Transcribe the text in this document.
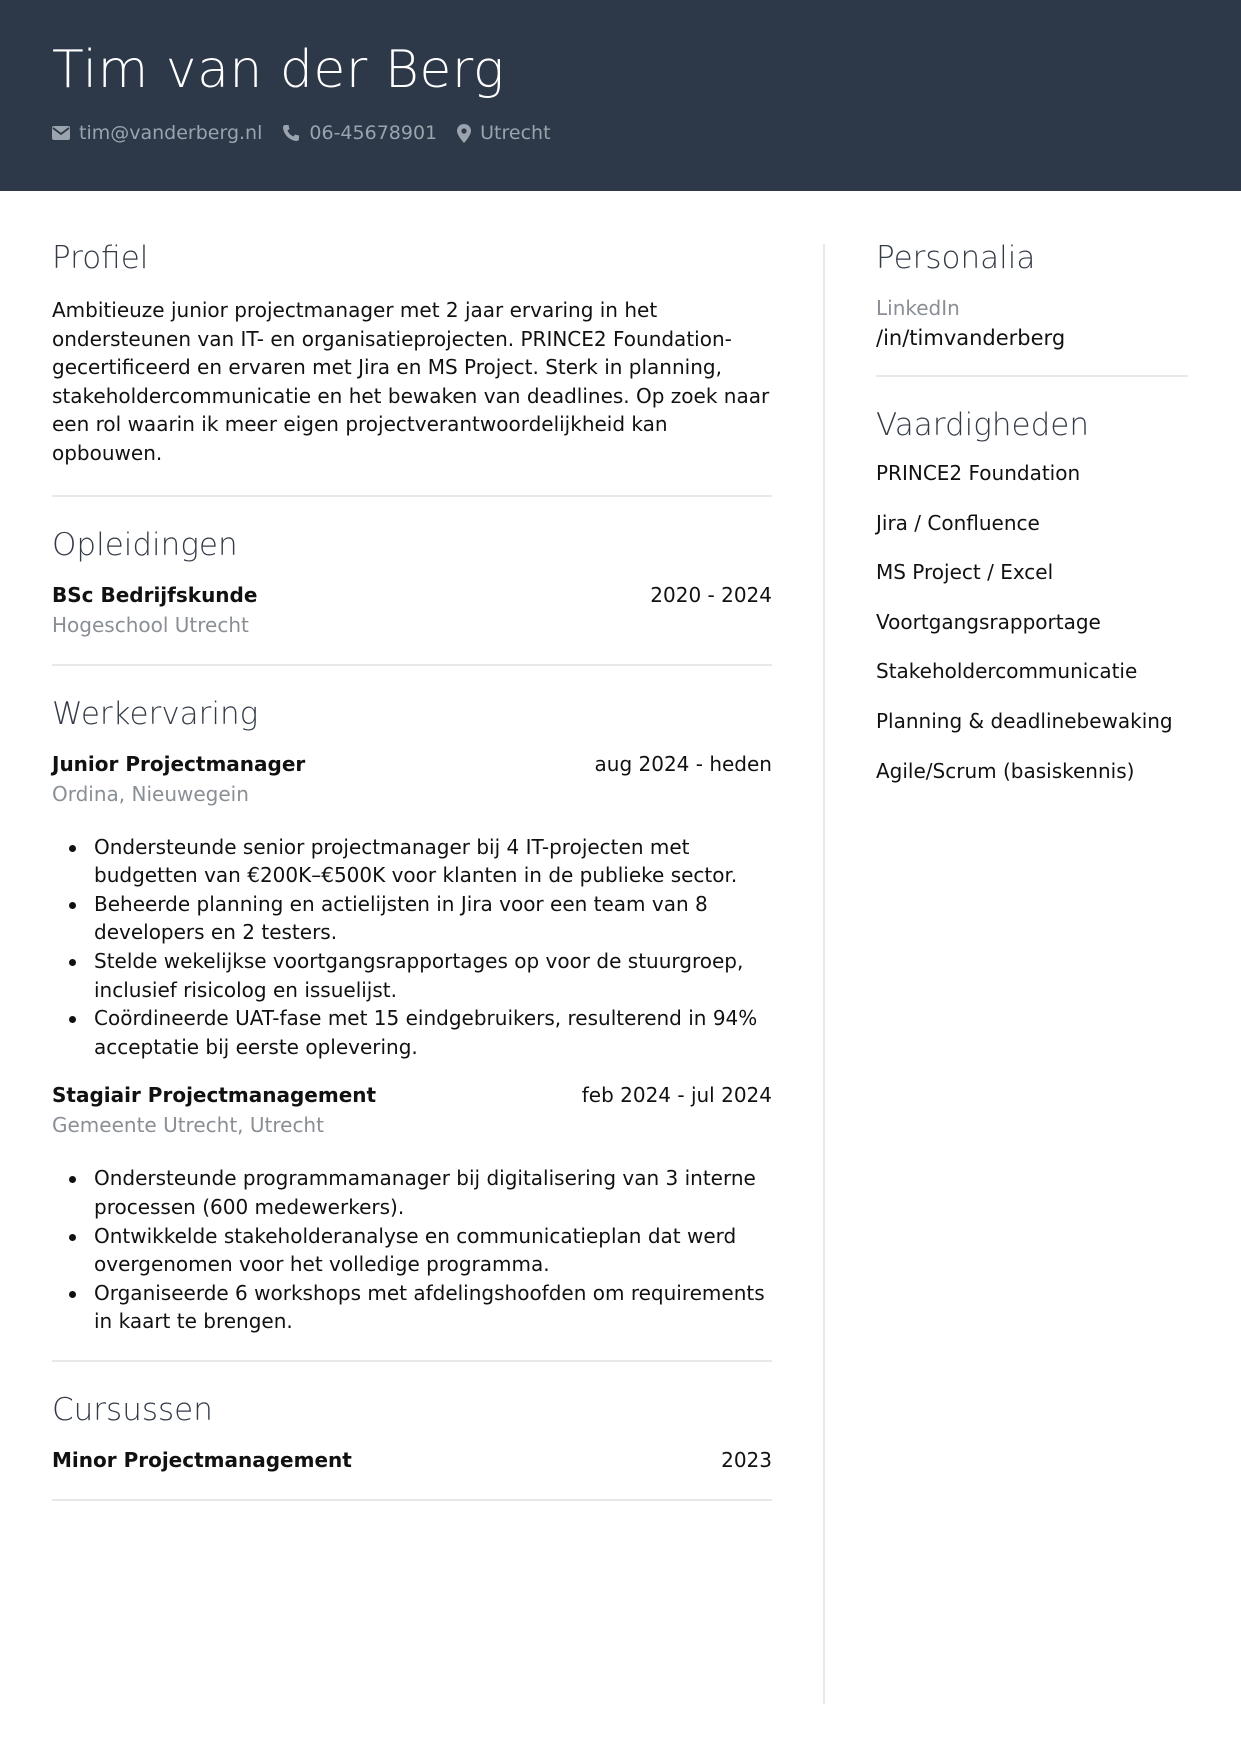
Tim van der Berg
tim@vanderberg.nl 06-45678901 Utrecht
Profiel

Ambitieuze junior projectmanager met 2 jaar ervaring in het ondersteunen van IT- en organisatieprojecten. PRINCE2 Foundation-gecertificeerd en ervaren met Jira en MS Project. Sterk in planning, stakeholdercommunicatie en het bewaken van deadlines. Op zoek naar een rol waarin ik meer eigen projectverantwoordelijkheid kan opbouwen.

Opleidingen
BSc Bedrijfskunde	2020 - 2024
Hogeschool Utrecht
Werkervaring
Junior Projectmanager	aug 2024 - heden
Ordina, Nieuwegein
Ondersteunde senior projectmanager bij 4 IT-projecten met budgetten van €200K–€500K voor klanten in de publieke sector.
Beheerde planning en actielijsten in Jira voor een team van 8 developers en 2 testers.
Stelde wekelijkse voortgangsrapportages op voor de stuurgroep, inclusief risicolog en issuelijst.
Coördineerde UAT-fase met 15 eindgebruikers, resulterend in 94% acceptatie bij eerste oplevering.
Stagiair Projectmanagement	feb 2024 - jul 2024
Gemeente Utrecht, Utrecht
Ondersteunde programmamanager bij digitalisering van 3 interne processen (600 medewerkers).
Ontwikkelde stakeholderanalyse en communicatieplan dat werd overgenomen voor het volledige programma.
Organiseerde 6 workshops met afdelingshoofden om requirements in kaart te brengen.
Cursussen
Minor Projectmanagement	2023
Personalia
LinkedIn
/in/timvanderberg
Vaardigheden
PRINCE2 Foundation
Jira / Confluence
MS Project / Excel
Voortgangsrapportage
Stakeholdercommunicatie
Planning & deadlinebewaking
Agile/Scrum (basiskennis)
